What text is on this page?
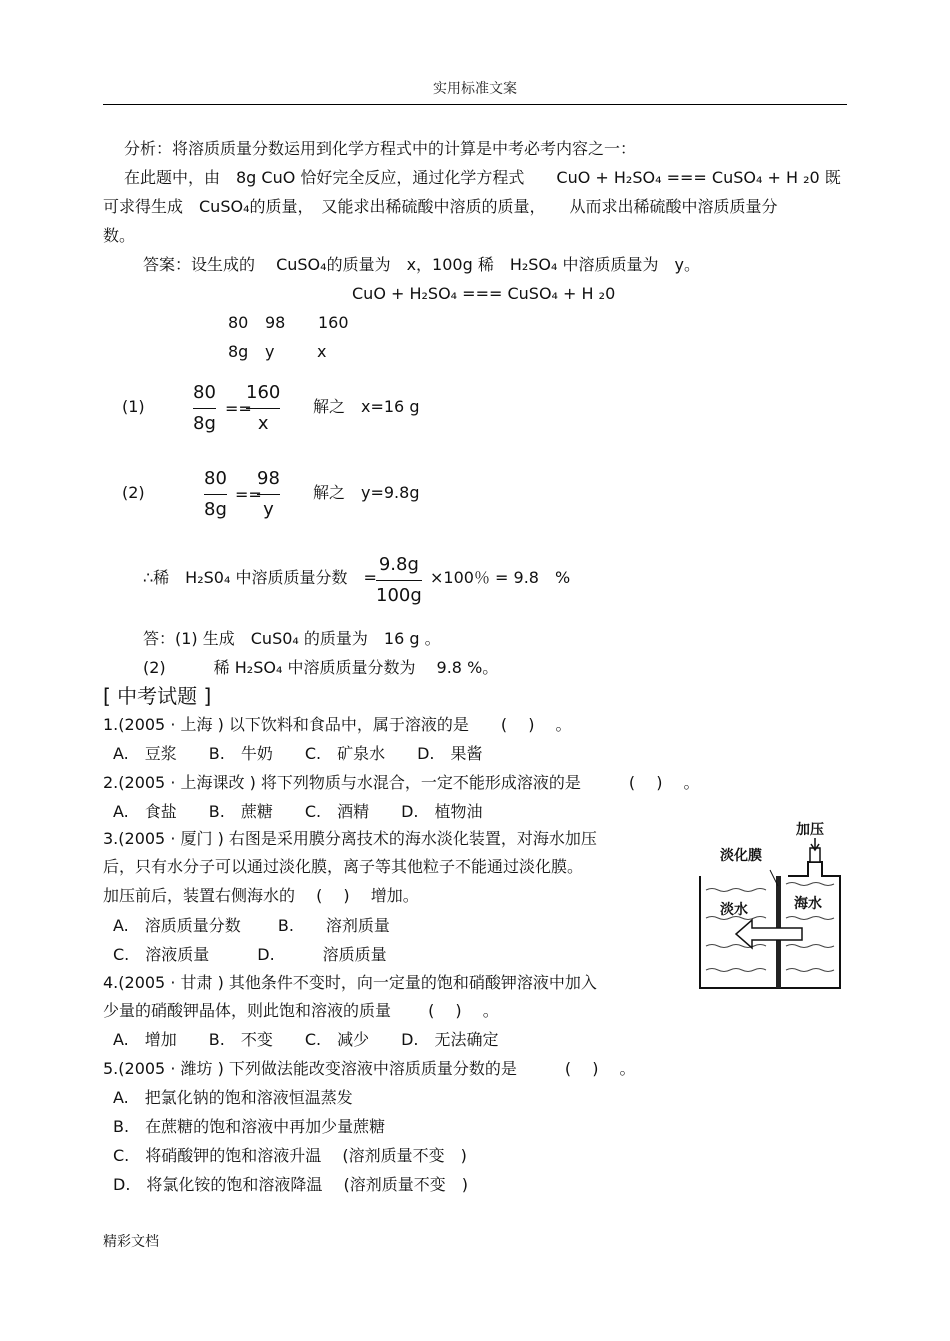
实用标准文案
分析：将溶质质量分数运用到化学方程式中的计算是中考必考内容之一：
在此题中，由　8g CuO 恰好完全反应，通过化学方程式　　CuO + H₂SO₄ === CuSO₄ + H ₂0 既
可求得生成　CuSO₄的质量，　又能求出稀硫酸中溶质的质量，　　从而求出稀硫酸中溶质质量分
数。
答案：设生成的　 CuSO₄的质量为　x，100g 稀　H₂SO₄ 中溶质质量为　y。
CuO + H₂SO₄ === CuSO₄ + H ₂0
80 98 160
8g y	x
(1)
80
8g
==
160
x
解之　x=16 g
(2)
80
8g
==
98
y
解之　y=9.8g
∴稀　H₂S0₄ 中溶质质量分数　=
9.8g
100g
×100％ = 9.8　%
答：(1) 生成　CuS0₄ 的质量为　16 g 。
(2)　　　稀 H₂SO₄ 中溶质质量分数为　 9.8 %。
[ 中考试题 ]
1.(2005 · 上海 ) 以下饮料和食品中，属于溶液的是　　(　 )　 。
A.　豆浆　　B.　牛奶　　C.　矿泉水　　D.　果酱
2.(2005 · 上海课改 ) 将下列物质与水混合，一定不能形成溶液的是　　　(　 )　 。
A.　食盐　　B.　蔗糖　　C.　酒精　　D.　植物油
3.(2005 · 厦门 ) 右图是采用膜分离技术的海水淡化装置，对海水加压
后，只有水分子可以通过淡化膜，离子等其他粒子不能通过淡化膜。
加压前后，装置右侧海水的　 (　 )　 增加。
A.　溶质质量分数　　 B.　　溶剂质量
C.　溶液质量　　　D.　　　溶质质量
4.(2005 · 甘肃 ) 其他条件不变时，向一定量的饱和硝酸钾溶液中加入
少量的硝酸钾晶体，则此饱和溶液的质量　　 (　 )　 。
A.　增加　　B.　不变　　C.　减少　　D.　无法确定
5.(2005 · 潍坊 ) 下列做法能改变溶液中溶质质量分数的是　　　(　 )　 。
A.　把氯化钠的饱和溶液恒温蒸发
B.　在蔗糖的饱和溶液中再加少量蔗糖
C.　将硝酸钾的饱和溶液升温　 (溶剂质量不变　)
D.　将氯化铵的饱和溶液降温　 (溶剂质量不变　)
加压
淡化膜
淡水	海水
精彩文档
